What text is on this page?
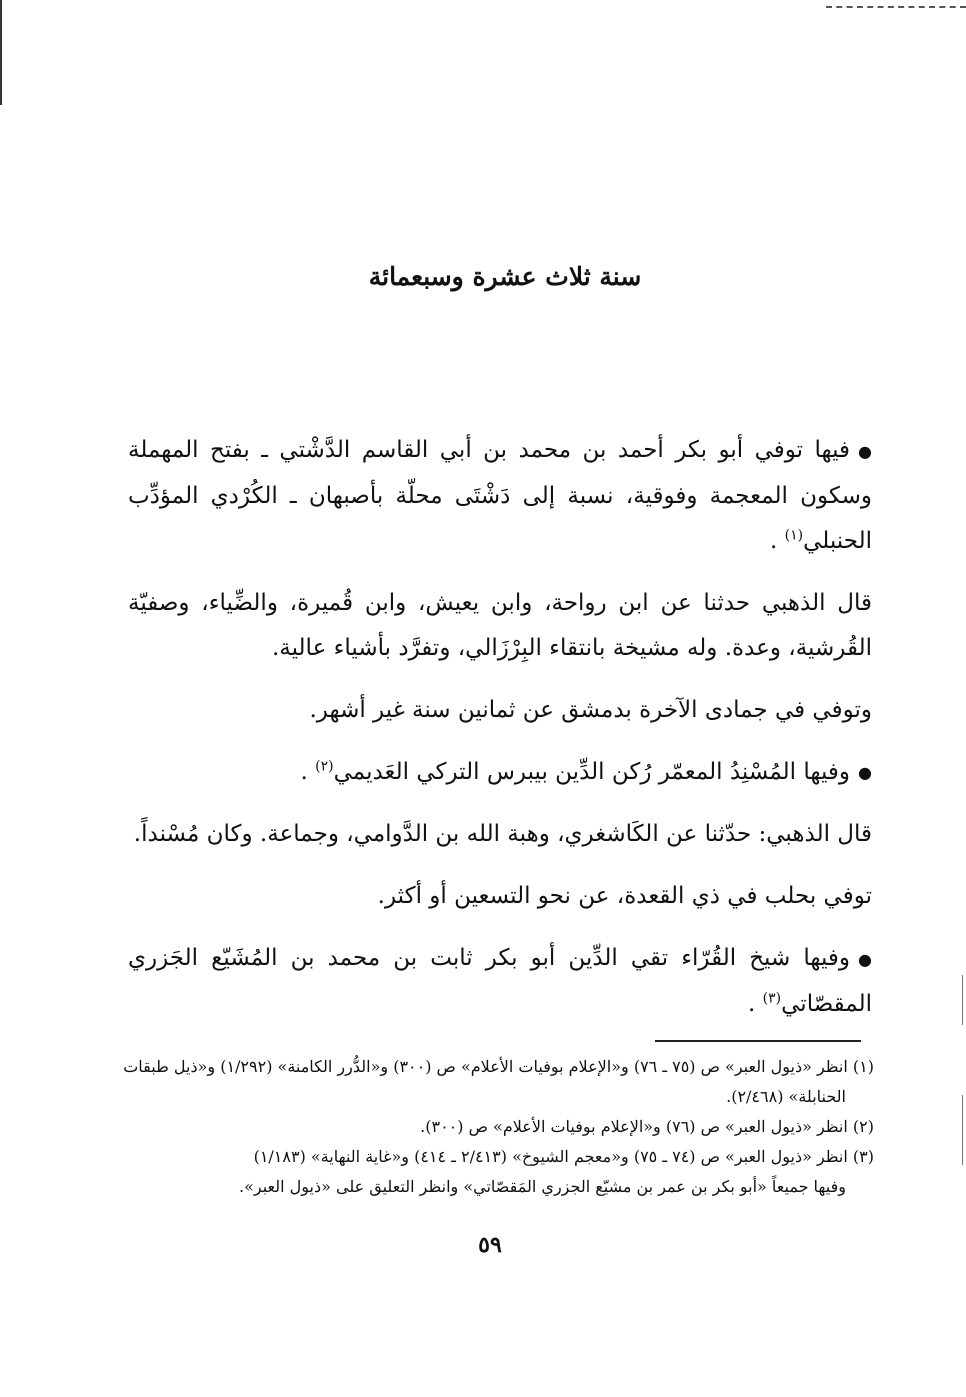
سنة ثلاث عشرة وسبعمائة

●فيها توفي أبو بكر أحمد بن محمد بن أبي القاسم الدَّشْتي ـ بفتح المهملة وسكون المعجمة وفوقية، نسبة إلى دَشْتَى محلّة بأصبهان ـ الكُرْدي المؤدِّب الحنبلي$^{(١)}$ .

قال الذهبي حدثنا عن ابن رواحة، وابن يعيش، وابن قُميرة، والضِّياء، وصفيّة القُرشية، وعدة. وله مشيخة بانتقاء البِرْزَالي، وتفرَّد بأشياء عالية.

وتوفي في جمادى الآخرة بدمشق عن ثمانين سنة غير أشهر.

●وفيها المُسْنِدُ المعمّر رُكن الدِّين بيبرس التركي العَديمي$^{(٢)}$ .

قال الذهبي: حدّثنا عن الكَاشغري، وهبة الله بن الدَّوامي، وجماعة. وكان مُسْنداً.

توفي بحلب في ذي القعدة، عن نحو التسعين أو أكثر.

●وفيها شيخ القُرّاء تقي الدِّين أبو بكر ثابت بن محمد بن المُشَيّع الجَزري المقصّاتي$^{(٣)}$ .

(١) انظر «ذيول العبر» ص (٧٥ ـ ٧٦) و«الإعلام بوفيات الأعلام» ص (٣٠٠) و«الدُّرر الكامنة» (١/٢٩٢) و«ذيل طبقات الحنابلة» (٢/٤٦٨).

(٢) انظر «ذيول العبر» ص (٧٦) و«الإعلام بوفيات الأعلام» ص (٣٠٠).

(٣) انظر «ذيول العبر» ص (٧٤ ـ ٧٥) و«معجم الشيوخ» (٢/٤١٣ ـ ٤١٤) و«غاية النهاية» (١/١٨٣)

وفيها جميعاً «أبو بكر بن عمر بن مشيّع الجزري المَقصّاتي» وانظر التعليق على «ذيول العبر».

٥٩
